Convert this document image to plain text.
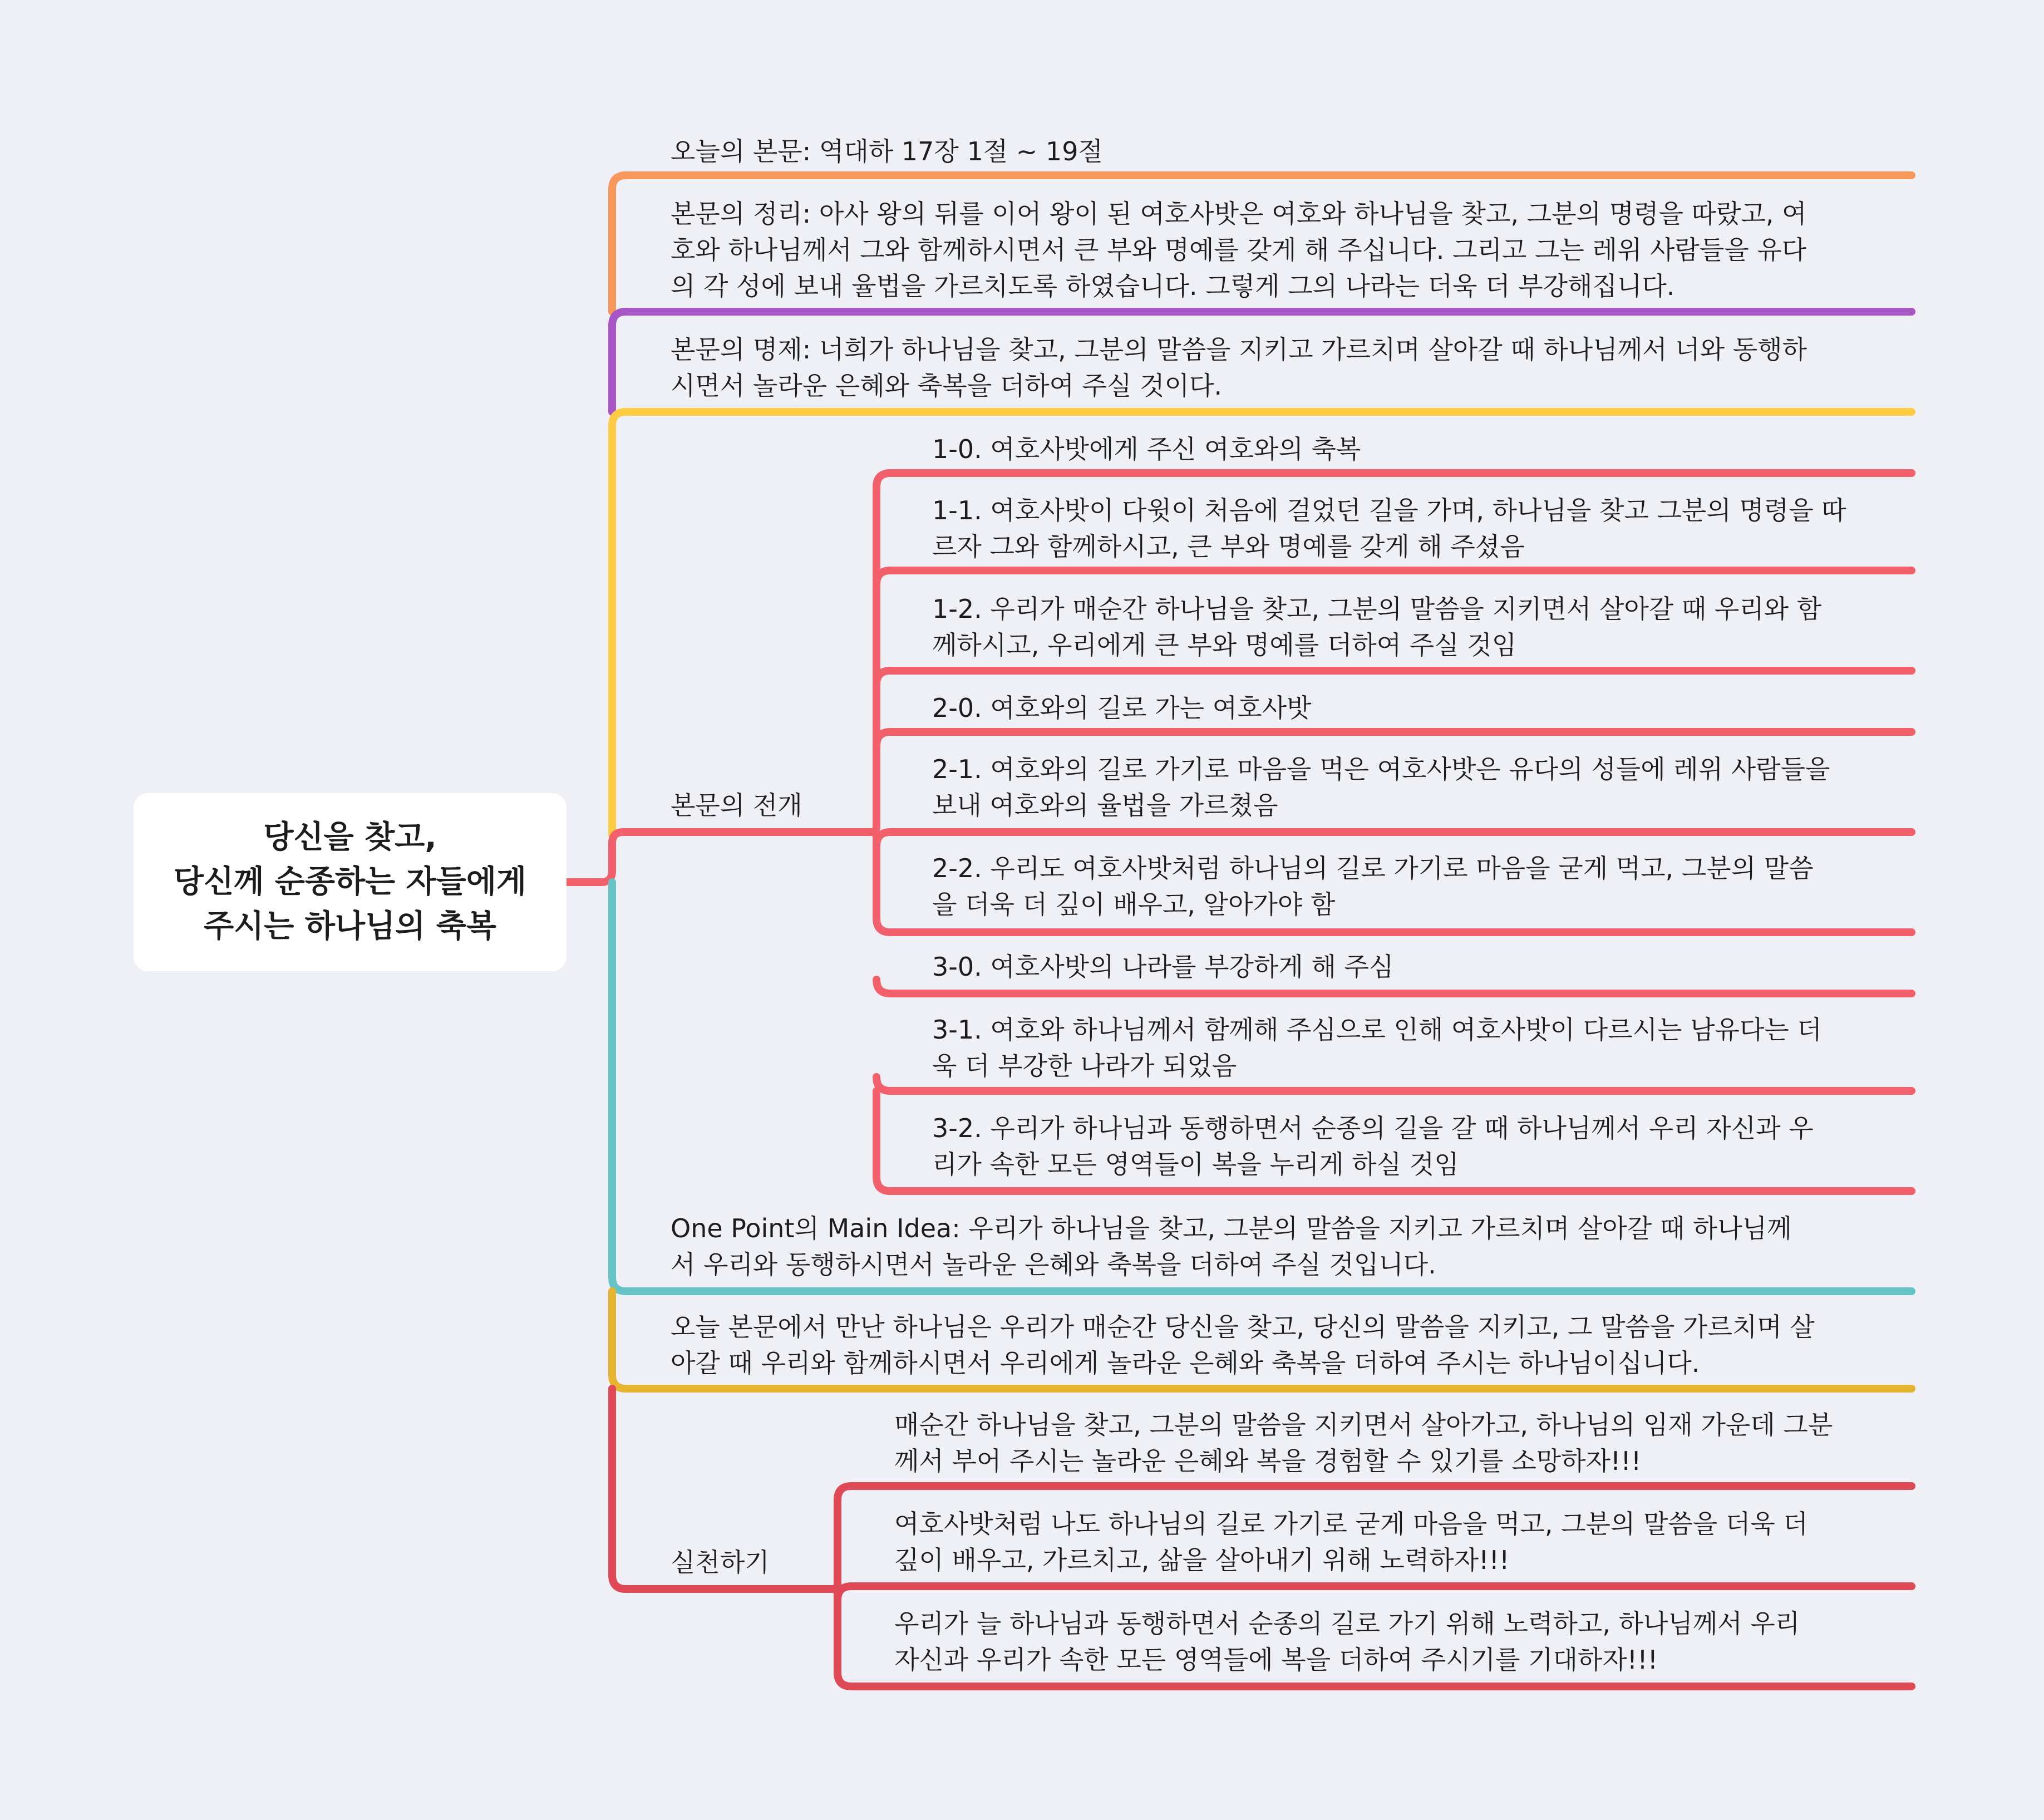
당신을 찾고,
당신께 순종하는 자들에게
주시는 하나님의 축복
오늘의 본문: 역대하 17장 1절 ~ 19절
본문의 정리: 아사 왕의 뒤를 이어 왕이 된 여호사밧은 여호와 하나님을 찾고, 그분의 명령을 따랐고, 여
호와 하나님께서 그와 함께하시면서 큰 부와 명예를 갖게 해 주십니다. 그리고 그는 레위 사람들을 유다
의 각 성에 보내 율법을 가르치도록 하였습니다. 그렇게 그의 나라는 더욱 더 부강해집니다.
본문의 명제: 너희가 하나님을 찾고, 그분의 말씀을 지키고 가르치며 살아갈 때 하나님께서 너와 동행하
시면서 놀라운 은혜와 축복을 더하여 주실 것이다.
본문의 전개
1-0. 여호사밧에게 주신 여호와의 축복
1-1. 여호사밧이 다윗이 처음에 걸었던 길을 가며, 하나님을 찾고 그분의 명령을 따
르자 그와 함께하시고, 큰 부와 명예를 갖게 해 주셨음
1-2. 우리가 매순간 하나님을 찾고, 그분의 말씀을 지키면서 살아갈 때 우리와 함
께하시고, 우리에게 큰 부와 명예를 더하여 주실 것임
2-0. 여호와의 길로 가는 여호사밧
2-1. 여호와의 길로 가기로 마음을 먹은 여호사밧은 유다의 성들에 레위 사람들을
보내 여호와의 율법을 가르쳤음
2-2. 우리도 여호사밧처럼 하나님의 길로 가기로 마음을 굳게 먹고, 그분의 말씀
을 더욱 더 깊이 배우고, 알아가야 함
3-0. 여호사밧의 나라를 부강하게 해 주심
3-1. 여호와 하나님께서 함께해 주심으로 인해 여호사밧이 다르시는 남유다는 더
욱 더 부강한 나라가 되었음
3-2. 우리가 하나님과 동행하면서 순종의 길을 갈 때 하나님께서 우리 자신과 우
리가 속한 모든 영역들이 복을 누리게 하실 것임
One Point의 Main Idea: 우리가 하나님을 찾고, 그분의 말씀을 지키고 가르치며 살아갈 때 하나님께
서 우리와 동행하시면서 놀라운 은혜와 축복을 더하여 주실 것입니다.
오늘 본문에서 만난 하나님은 우리가 매순간 당신을 찾고, 당신의 말씀을 지키고, 그 말씀을 가르치며 살
아갈 때 우리와 함께하시면서 우리에게 놀라운 은혜와 축복을 더하여 주시는 하나님이십니다.
실천하기
매순간 하나님을 찾고, 그분의 말씀을 지키면서 살아가고, 하나님의 임재 가운데 그분
께서 부어 주시는 놀라운 은혜와 복을 경험할 수 있기를 소망하자!!!
여호사밧처럼 나도 하나님의 길로 가기로 굳게 마음을 먹고, 그분의 말씀을 더욱 더
깊이 배우고, 가르치고, 삶을 살아내기 위해 노력하자!!!
우리가 늘 하나님과 동행하면서 순종의 길로 가기 위해 노력하고, 하나님께서 우리
자신과 우리가 속한 모든 영역들에 복을 더하여 주시기를 기대하자!!!
